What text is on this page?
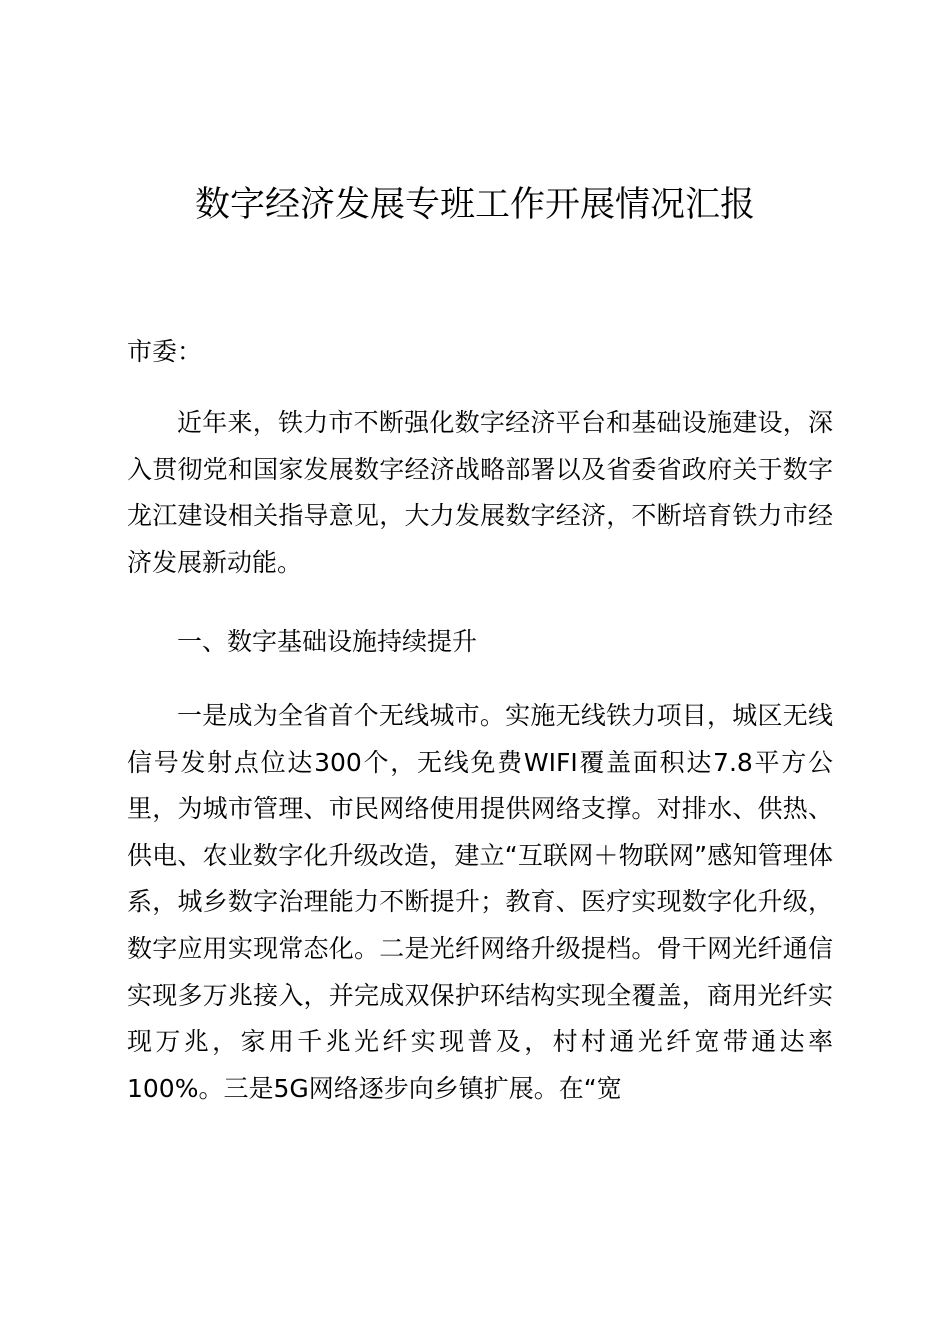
数字经济发展专班工作开展情况汇报

市委：

近年来，铁力市不断强化数字经济平台和基础设施建设，深入贯彻党和国家发展数字经济战略部署以及省委省政府关于数字龙江建设相关指导意见，大力发展数字经济，不断培育铁力市经济发展新动能。

一、数字基础设施持续提升

一是成为全省首个无线城市。实施无线铁力项目，城区无线信号发射点位达300个，无线免费WIFI覆盖面积达7.8平方公里，为城市管理、市民网络使用提供网络支撑。对排水、供热、供电、农业数字化升级改造，建立“互联网＋物联网”感知管理体系，城乡数字治理能力不断提升；教育、医疗实现数字化升级，数字应用实现常态化。二是光纤网络升级提档。骨干网光纤通信实现多万兆接入，并完成双保护环结构实现全覆盖，商用光纤实现万兆，家用千兆光纤实现普及，村村通光纤宽带通达率100%。三是5G网络逐步向乡镇扩展。在“宽
